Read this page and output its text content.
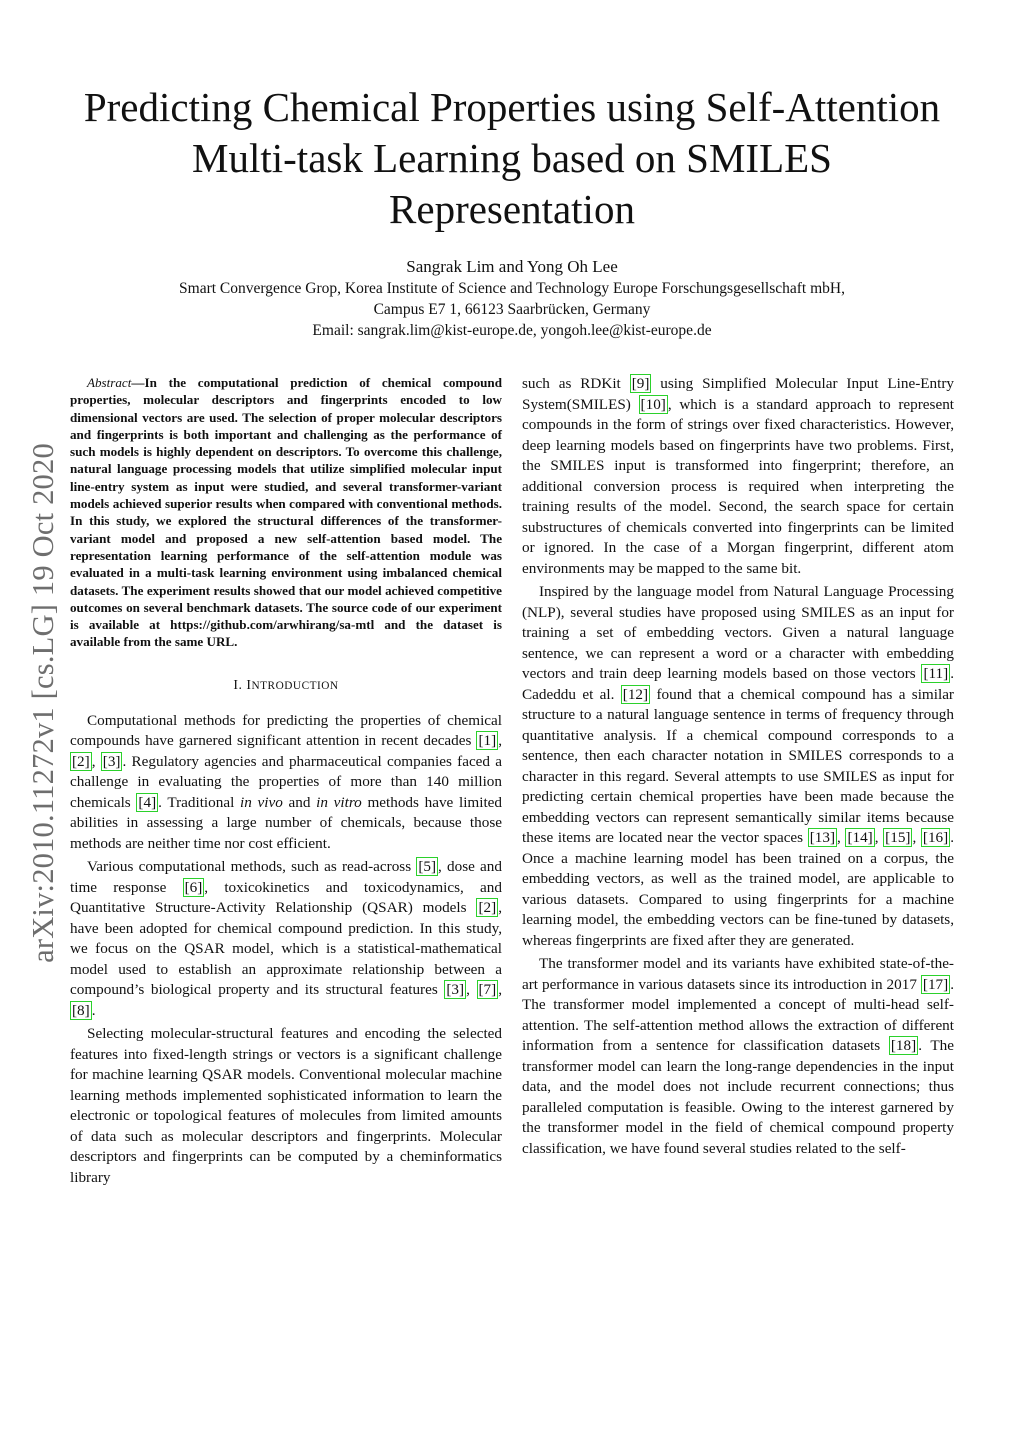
arXiv:2010.11272v1 [cs.LG] 19 Oct 2020
Predicting Chemical Properties using Self-Attention
Multi-task Learning based on SMILES
Representation
Sangrak Lim and Yong Oh Lee
Smart Convergence Grop, Korea Institute of Science and Technology Europe Forschungsgesellschaft mbH,
Campus E7 1, 66123 Saarbrücken, Germany
Email: sangrak.lim@kist-europe.de, yongoh.lee@kist-europe.de

Abstract—In the computational prediction of chemical compound properties, molecular descriptors and fingerprints encoded to low dimensional vectors are used. The selection of proper molecular descriptors and fingerprints is both important and challenging as the performance of such models is highly dependent on descriptors. To overcome this challenge, natural language processing models that utilize simplified molecular input line-entry system as input were studied, and several transformer-variant models achieved superior results when compared with conventional methods. In this study, we explored the structural differences of the transformer-variant model and proposed a new self-attention based model. The representation learning performance of the self-attention module was evaluated in a multi-task learning environment using imbalanced chemical datasets. The experiment results showed that our model achieved competitive outcomes on several benchmark datasets. The source code of our experiment is available at https://github.com/arwhirang/sa-mtl and the dataset is available from the same URL.

I. INTRODUCTION

Computational methods for predicting the properties of chemical compounds have garnered significant attention in recent decades [1] , [2] , [3] . Regulatory agencies and pharmaceutical companies faced a challenge in evaluating the properties of more than 140 million chemicals [4] . Traditional in vivo and in vitro methods have limited abilities in assessing a large number of chemicals, because those methods are neither time nor cost efficient.

Various computational methods, such as read-across [5] , dose and time response [6] , toxicokinetics and toxicodynamics, and Quantitative Structure-Activity Relationship (QSAR) models [2] , have been adopted for chemical compound prediction. In this study, we focus on the QSAR model, which is a statistical-mathematical model used to establish an approximate relationship between a compound’s biological property and its structural features [3] , [7] , [8] .

Selecting molecular-structural features and encoding the selected features into fixed-length strings or vectors is a significant challenge for machine learning QSAR models. Conventional molecular machine learning methods implemented sophisticated information to learn the electronic or topological features of molecules from limited amounts of data such as molecular descriptors and fingerprints. Molecular descriptors and fingerprints can be computed by a cheminformatics library

such as RDKit [9] using Simplified Molecular Input Line-Entry System(SMILES) [10] , which is a standard approach to represent compounds in the form of strings over fixed characteristics. However, deep learning models based on fingerprints have two problems. First, the SMILES input is transformed into fingerprint; therefore, an additional conversion process is required when interpreting the training results of the model. Second, the search space for certain substructures of chemicals converted into fingerprints can be limited or ignored. In the case of a Morgan fingerprint, different atom environments may be mapped to the same bit.

Inspired by the language model from Natural Language Processing (NLP), several studies have proposed using SMILES as an input for training a set of embedding vectors. Given a natural language sentence, we can represent a word or a character with embedding vectors and train deep learning models based on those vectors [11] . Cadeddu et al. [12] found that a chemical compound has a similar structure to a natural language sentence in terms of frequency through quantitative analysis. If a chemical compound corresponds to a sentence, then each character notation in SMILES corresponds to a character in this regard. Several attempts to use SMILES as input for predicting certain chemical properties have been made because the embedding vectors can represent semantically similar items because these items are located near the vector spaces [13] , [14] , [15] , [16] . Once a machine learning model has been trained on a corpus, the embedding vectors, as well as the trained model, are applicable to various datasets. Compared to using fingerprints for a machine learning model, the embedding vectors can be fine-tuned by datasets, whereas fingerprints are fixed after they are generated.

The transformer model and its variants have exhibited state-of-the-art performance in various datasets since its introduction in 2017 [17] . The transformer model implemented a concept of multi-head self-attention. The self-attention method allows the extraction of different information from a sentence for classification datasets [18] . The transformer model can learn the long-range dependencies in the input data, and the model does not include recurrent connections; thus paralleled computation is feasible. Owing to the interest garnered by the transformer model in the field of chemical compound property classification, we have found several studies related to the self-
